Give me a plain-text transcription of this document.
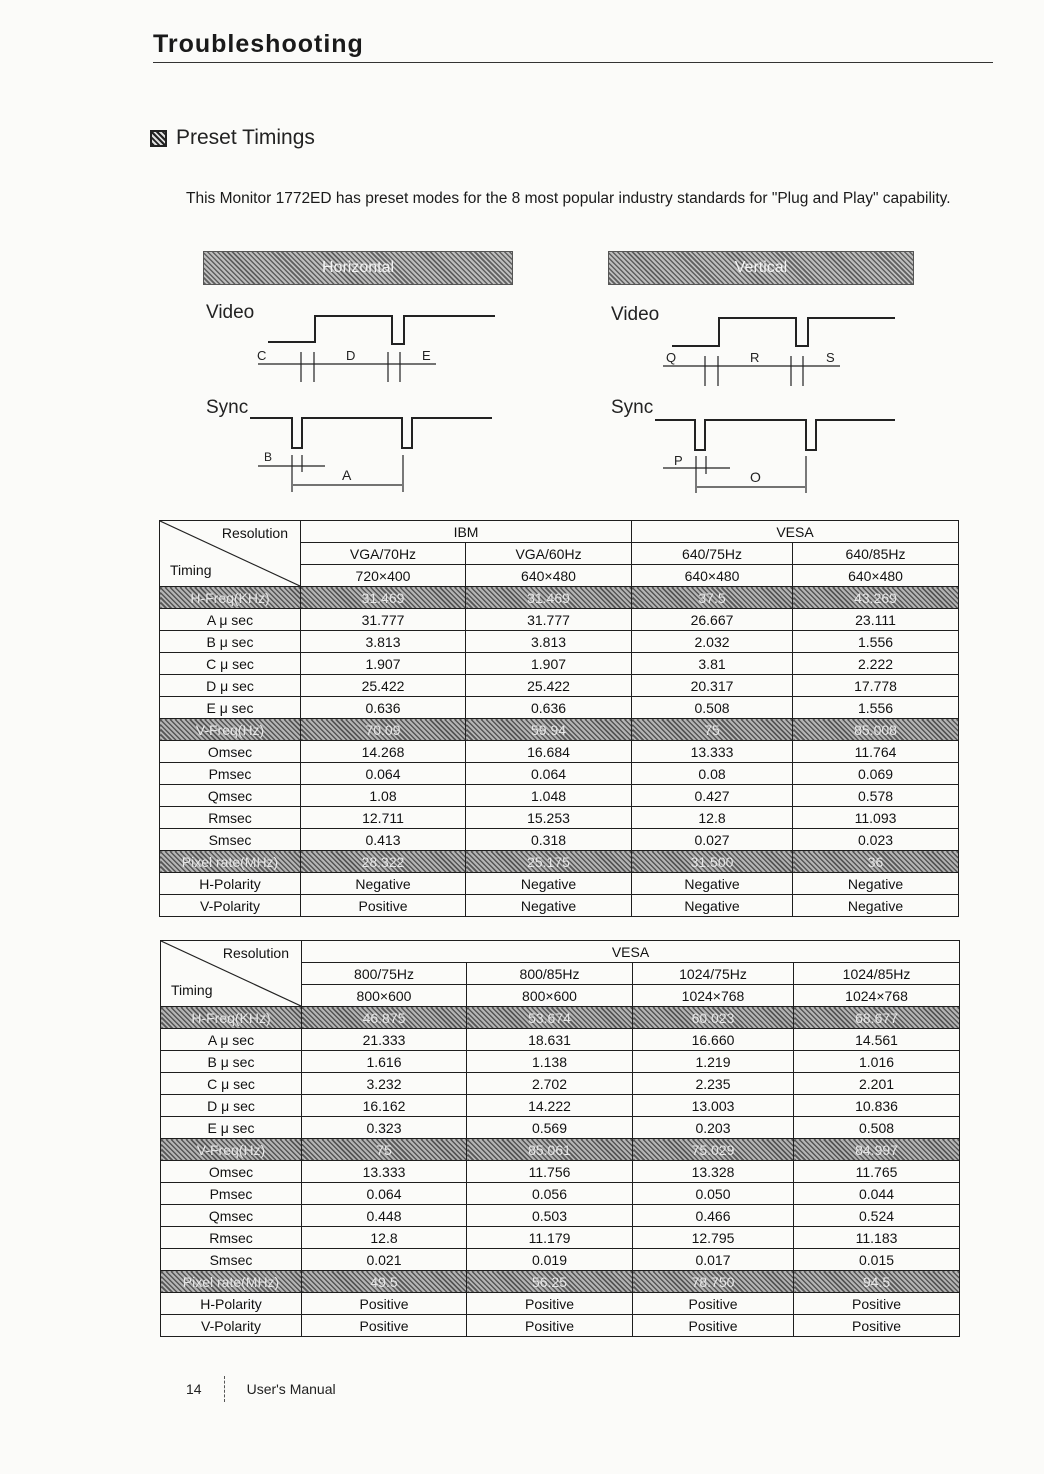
Troubleshooting
Preset Timings
This Monitor 1772ED has preset modes for the 8 most popular industry standards for "Plug and Play" capability.
Horizontal	Vertical
Video
C	D	E
Sync
B
A
Video
Q	R	S
Sync
P
O
Resolution
Timing	IBM		VESA	
	VGA/70Hz	VGA/60Hz	640/75Hz	640/85Hz
	720×400	640×480	640×480	640×480
H-Freq(KHz)	31.469	31.469	37.5	43.269
A μ sec	31.777	31.777	26.667	23.111
B μ sec	3.813	3.813	2.032	1.556
C μ sec	1.907	1.907	3.81	2.222
D μ sec	25.422	25.422	20.317	17.778
E μ sec	0.636	0.636	0.508	1.556
V-Freq(Hz)	70.09	59.94	75	85.008
Omsec	14.268	16.684	13.333	11.764
Pmsec	0.064	0.064	0.08	0.069
Qmsec	1.08	1.048	0.427	0.578
Rmsec	12.711	15.253	12.8	11.093
Smsec	0.413	0.318	0.027	0.023
Pixel rate(MHz)	28.322	25.175	31.500	36
H-Polarity	Negative	Negative	Negative	Negative
V-Polarity	Positive	Negative	Negative	Negative
Resolution
Timing	VESA			
	800/75Hz	800/85Hz	1024/75Hz	1024/85Hz
	800×600	800×600	1024×768	1024×768
H-Freq(KHz)	46.875	53.674	60.023	68.677
A μ sec	21.333	18.631	16.660	14.561
B μ sec	1.616	1.138	1.219	1.016
C μ sec	3.232	2.702	2.235	2.201
D μ sec	16.162	14.222	13.003	10.836
E μ sec	0.323	0.569	0.203	0.508
V-Freq(Hz)	75	85.061	75.029	84.997
Omsec	13.333	11.756	13.328	11.765
Pmsec	0.064	0.056	0.050	0.044
Qmsec	0.448	0.503	0.466	0.524
Rmsec	12.8	11.179	12.795	11.183
Smsec	0.021	0.019	0.017	0.015
Pixel rate(MHz)	49.5	56.25	78.750	94.5
H-Polarity	Positive	Positive	Positive	Positive
V-Polarity	Positive	Positive	Positive	Positive
14	User's Manual
